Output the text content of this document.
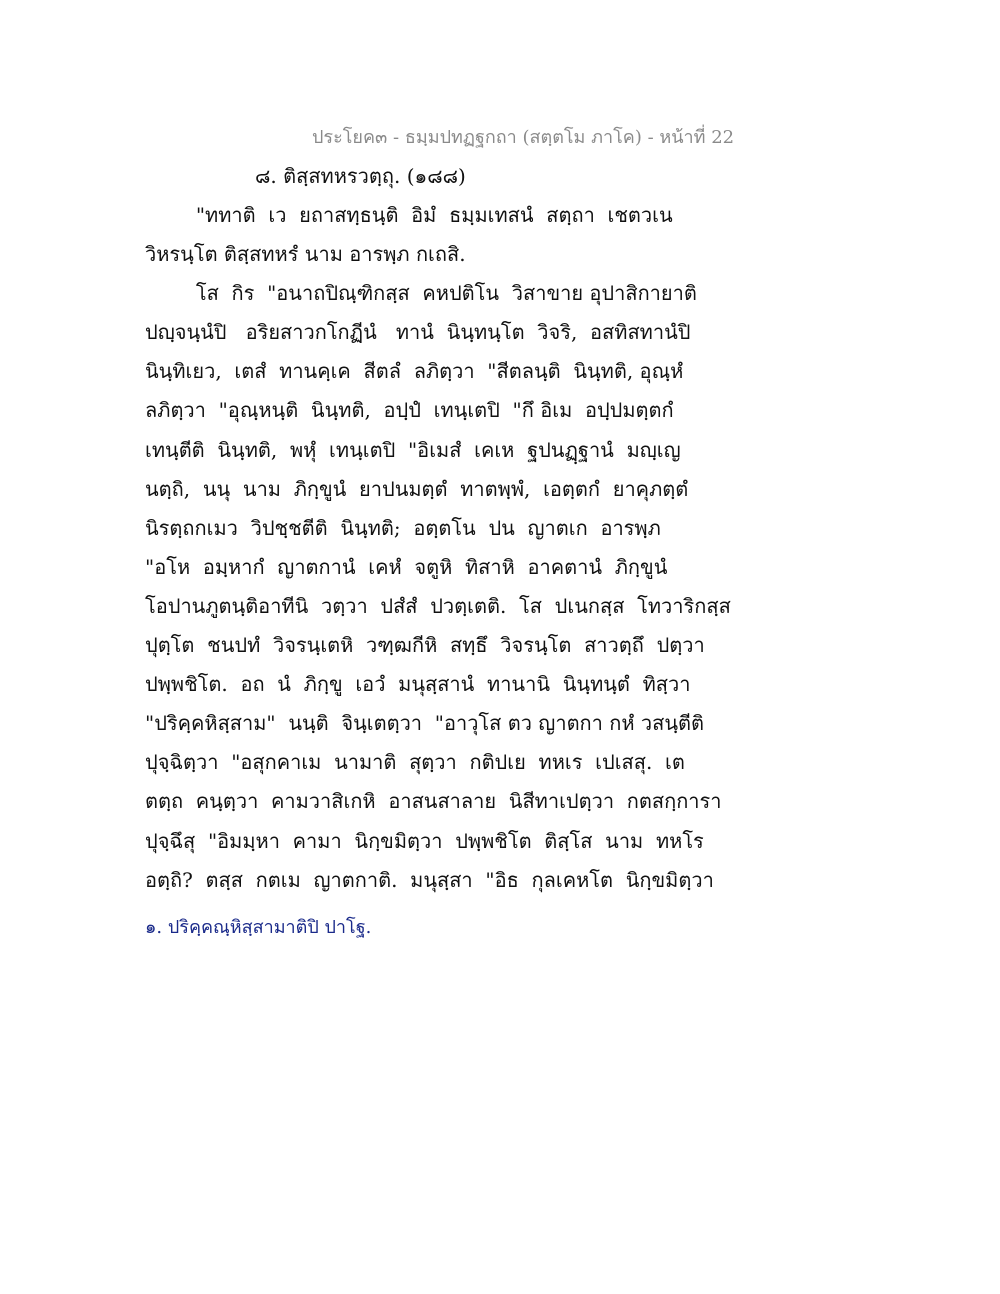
ประโยค๓ - ธมฺมปทฏฐกถา (สตฺตโม ภาโค) - หน้าที่ 22
๘. ติสฺสทหรวตฺถุ. (๑๘๘)
"ททาติ  เว  ยถาสทฺธนฺติ  อิมํ  ธมฺมเทสนํ  สตฺถา  เชตวเน
วิหรนฺโต ติสฺสทหรํ นาม อารพฺภ กเถสิ.
โส  กิร  "อนาถปิณฺฑิกสฺส  คหปติโน  วิสาขาย อุปาสิกายาติ
ปญฺจนฺนํปิ   อริยสาวกโกฏีนํ   ทานํ  นินฺทนฺโต  วิจริ,  อสทิสทานํปิ
นินฺทิเยว,  เตสํ  ทานคฺเค  สีตลํ  ลภิตฺวา  "สีตลนฺติ  นินฺทติ, อุณฺหํ
ลภิตฺวา  "อุณฺหนฺติ  นินฺทติ,  อปฺปํ  เทนฺเตปิ  "กึ อิเม  อปฺปมตฺตกํ
เทนฺตีติ  นินฺทติ,  พหุํ  เทนฺเตปิ  "อิเมสํ  เคเห  ฐปนฏฺฐานํ  มญฺเญ
นตฺถิ,  นนุ  นาม  ภิกฺขูนํ  ยาปนมตฺตํ  ทาตพฺพํ,  เอตฺตกํ  ยาคุภตฺตํ
นิรตฺถกเมว  วิปชฺชตีติ  นินฺทติ;  อตฺตโน  ปน  ญาตเก  อารพฺภ
"อโห  อมฺหากํ  ญาตกานํ  เคหํ  จตูหิ  ทิสาหิ  อาคตานํ  ภิกฺขูนํ
โอปานภูตนฺติอาทีนิ  วตฺวา  ปสํสํ  ปวตฺเตติ.  โส  ปเนกสฺส  โทวาริกสฺส
ปุตฺโต  ชนปทํ  วิจรนฺเตหิ  วฑฺฒกีหิ  สทฺธึ  วิจรนฺโต  สาวตฺถึ  ปตฺวา
ปพฺพชิโต.  อถ  นํ  ภิกฺขู  เอวํ  มนุสฺสานํ  ทานานิ  นินฺทนฺตํ  ทิสฺวา
"ปริคฺคหิสฺสาม"  นนฺติ  จินฺเตตฺวา  "อาวุโส ตว ญาตกา กหํ วสนฺตีติ
ปุจฺฉิตฺวา  "อสุกคาเม  นามาติ  สุตฺวา  กติปเย  ทหเร  เปเสสุ.  เต
ตตฺถ  คนฺตฺวา  คามวาสิเกหิ  อาสนสาลาย  นิสีทาเปตฺวา  กตสกฺการา
ปุจฺฉึสุ  "อิมมฺหา  คามา  นิกฺขมิตฺวา  ปพฺพชิโต  ติสฺโส  นาม  ทหโร
อตฺถิ?  ตสฺส  กตเม  ญาตกาติ.  มนุสฺสา  "อิธ  กุลเคหโต  นิกฺขมิตฺวา
๑. ปริคฺคณฺหิสฺสามาติปิ ปาโฐ.
